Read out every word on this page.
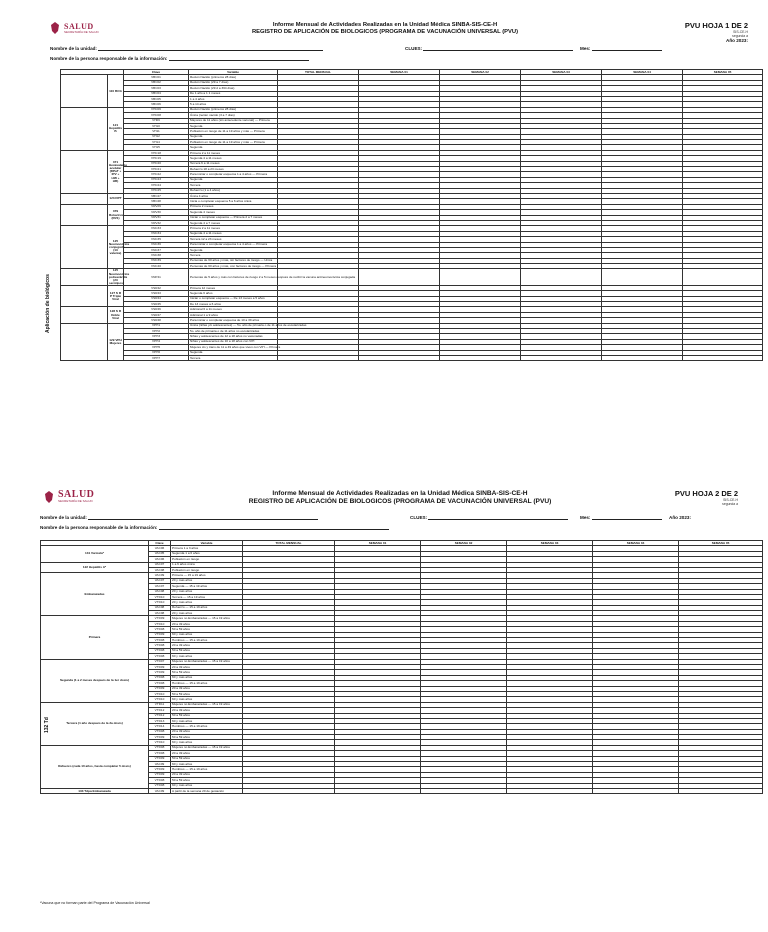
SALUD
SECRETARÍA DE SALUD
Informe Mensual de Actividades Realizadas en la Unidad Médica SINBA-SIS-CE-H
REGISTRO DE APLICACIÓN DE BIOLOGICOS (PROGRAMA DE VACUNACIÓN UNIVERSAL (PVU)
PVU HOJA 1 DE 2
SIS-CE-H
segunda a
Año 2023:
Nombre de la unidad:	CLUES:	Mes:
Nombre de la persona responsable de la información:
		Clave	Variable	TOTAL MENSUAL	SEMANA 01	SEMANA 02	SEMANA 03	SEMANA 04	SEMANA 05
	110 BCG	VBC01	Recién Nacido (primeros 28 días)						
		VBC02	Recién Nacido (29 a 7 días)						
		VBC03	Recién Nacido (29 d a 364 días)						
		VBC04	De 1 año a 1 1 meses						
		VBC05	1 a 4 años						
		VBC06	5 a 14 años						
	121 Hepatitis B	VHC06	Recién Nacido (primeros 28 días)						
		VHC08	Única (recién nacido (3 a 7 días)						
		VH09	Mayores de 11 años (sin antecedente vacunal) — Primera						
		VH10	Segunda						
		VH11	Población en riesgo de 11 a 19 años y más — Primera						
		VH12	Segunda						
		VH14	Población en riesgo de 11 a 19 años y más — Primera						
		VH15	Segunda						
	371 Hexavalente acelular (DPaT + IPV + HiB + HB)	VHC18	Primera 2 a 11 meses						
		VHC19	Segunda 4 a 11 meses						
		VHC20	Tercera 6 a 11 meses						
		VHC21	Refuerzo 18 a 23 meses						
		VHC22	Para iniciar o completar esquema 1 a 4 años — Primera						
		VHC23	Segunda						
		VHC24	Tercera						
		VHC25	Refuerzo (1 a 4 años)						
	123 DPT	VBC27	Única 4 años						
		VBC28	Inicia o completar esquema 5 a 6 años única						
	379 Rotavirus (RV1)	VRV29	Primera 2 meses						
		VRV30	Segunda 4 meses						
		VRV31	Iniciar o completar esquema — Primera 2 a 7 meses						
		VRV32	Segunda 4 a 7 meses						
	125 Neumocócica conjugada (13 valente)	VNC33	Primera 2 a 11 meses						
		VNC34	Segunda 4 a 11 meses						
		VNC35	Tercera 12 a 23 meses						
		VNC36	Para iniciar o completar esquema 1 a 4 años — Primera						
		VNC37	Segunda						
		VNC38	Tercera						
		VNC39	Personas de 60 años y más, sin factores de riesgo — Única						
		VNC40	Personas de 60 años y más, con factores de riesgo — Primera						
	125 Neumocócica polisacárida (23 serotipos)	VNP41	Personas de 5 años y más con factores de riesgo 2 a 5 meses después de recibir la vacuna antineumocócica conjugada						
	127 S R P Triple Viral	VSR42	Primera 12 meses						
		VSR43	Segunda 6 años						
		VSR44	Iniciar o completar esquema — De 13 meses a 5 años						
		VSR45	De 13 meses a 6 años						
	128 S R Doble Viral	VSR46	Adicional 6 a 11 meses						
		VSR47	Adicional 1 a 9 años						
		VSR48	Para iniciar o completar esquema de 10 a 39 años						
	129 VPH Mujeres	VPH1	Única (niñas y/o adolescentes) — 5o. año de primaria o de 11 años de escolarizadas						
		VPH2	5o. año de primaria o de 11 años no escolarizadas						
		VPH3	Niñas y adolescentes de 12 a 18 años no vacunadas						
		VPH4	Niñas y adolescentes de 10 a 18 años con VIH						
		VPH5	Mujeres cis y trans de 11 a 49 años que viven con VIH — Primera						
		VPH6	Segunda						
		VPH7	Tercera						
Aplicación de biológicos
SALUD
SECRETARÍA DE SALUD
Informe Mensual de Actividades Realizadas en la Unidad Médica SINBA-SIS-CE-H
REGISTRO DE APLICACIÓN DE BIOLOGICOS (PROGRAMA DE VACUNACIÓN UNIVERSAL (PVU)
PVU HOJA 2 DE 2
SIS-CE-H
segunda a
Nombre de la unidad:	CLUES:	Mes:	Año 2023:
Nombre de la persona responsable de la información:
	Clave	Variable	TOTAL MENSUAL	SEMANA 01	SEMANA 02	SEMANA 03	SEMANA 04	SEMANA 05
131 Varicela*	VAC06	Primera 1 a 3 años						
	VAC05	Segunda 1 a 6 años						
	VAC06	Población en riesgo						
122 Hepatitis A*	VAC07	1 a 6 años única						
	VAC08	Población en riesgo						
Embarazadas	VAC09	Primera — 15 a 19 años						
	VAC07	20 y más años						
	VAC07	Segunda — 15 a 19 años						
	VAC08	20 y más años						
	VTD10	Tercera — 15 a 19 años						
	VTD10	20 y más años						
	VAC08	Refuerzo — 15 a 19 años						
	VAC08	20 y más años						
Primera	VTD09	Mujeres no Embarazadas — 15 a 19 años						
	VTD10	20 a 49 años						
	VTD08	50 a 59 años						
	VTD09	60 y más años						
	VTD08	Hombres — 15 a 19 años						
	VTD08	20 a 49 años						
	VTD08	50 a 59 años						
	VTD08	60 y más años						
Segunda (1 a 2 meses después de la 1er dosis)	VTD07	Mujeres no Embarazadas — 15 a 19 años						
	VTD09	20 a 49 años						
	VTD09	50 a 59 años						
	VTD08	60 y más años						
	VTD08	Hombres — 15 a 19 años						
	VTD09	20 a 49 años						
	VTD10	50 a 59 años						
	VTD10	60 y más años						
Tercera (1 año después de la 2a dosis)	VTD11	Mujeres no Embarazadas — 15 a 19 años						
	VTD12	20 a 49 años						
	VTD12	50 a 59 años						
	VTD13	60 y más años						
	VTD14	Hombres — 15 a 19 años						
	VTD08	20 a 49 años						
	VTD09	50 a 59 años						
	VTD10	60 y más años						
Refuerzo (cada 10 años, hasta completar 5 dosis)	VTD08	Mujeres no Embarazadas — 15 a 19 años						
	VTD08	20 a 49 años						
	VTD09	50 a 59 años						
	VAC09	60 y más años						
	VTD09	Hombres — 15 a 19 años						
	VTD09	20 a 49 años						
	VTD08	50 a 59 años						
	VTD08	60 y más años						
133 Tdpa Embarazada	VAC09	A partir de la semana 20 de gestación						
132 Td
*Vacuna que no forman parte del Programa de Vacunación Universal
